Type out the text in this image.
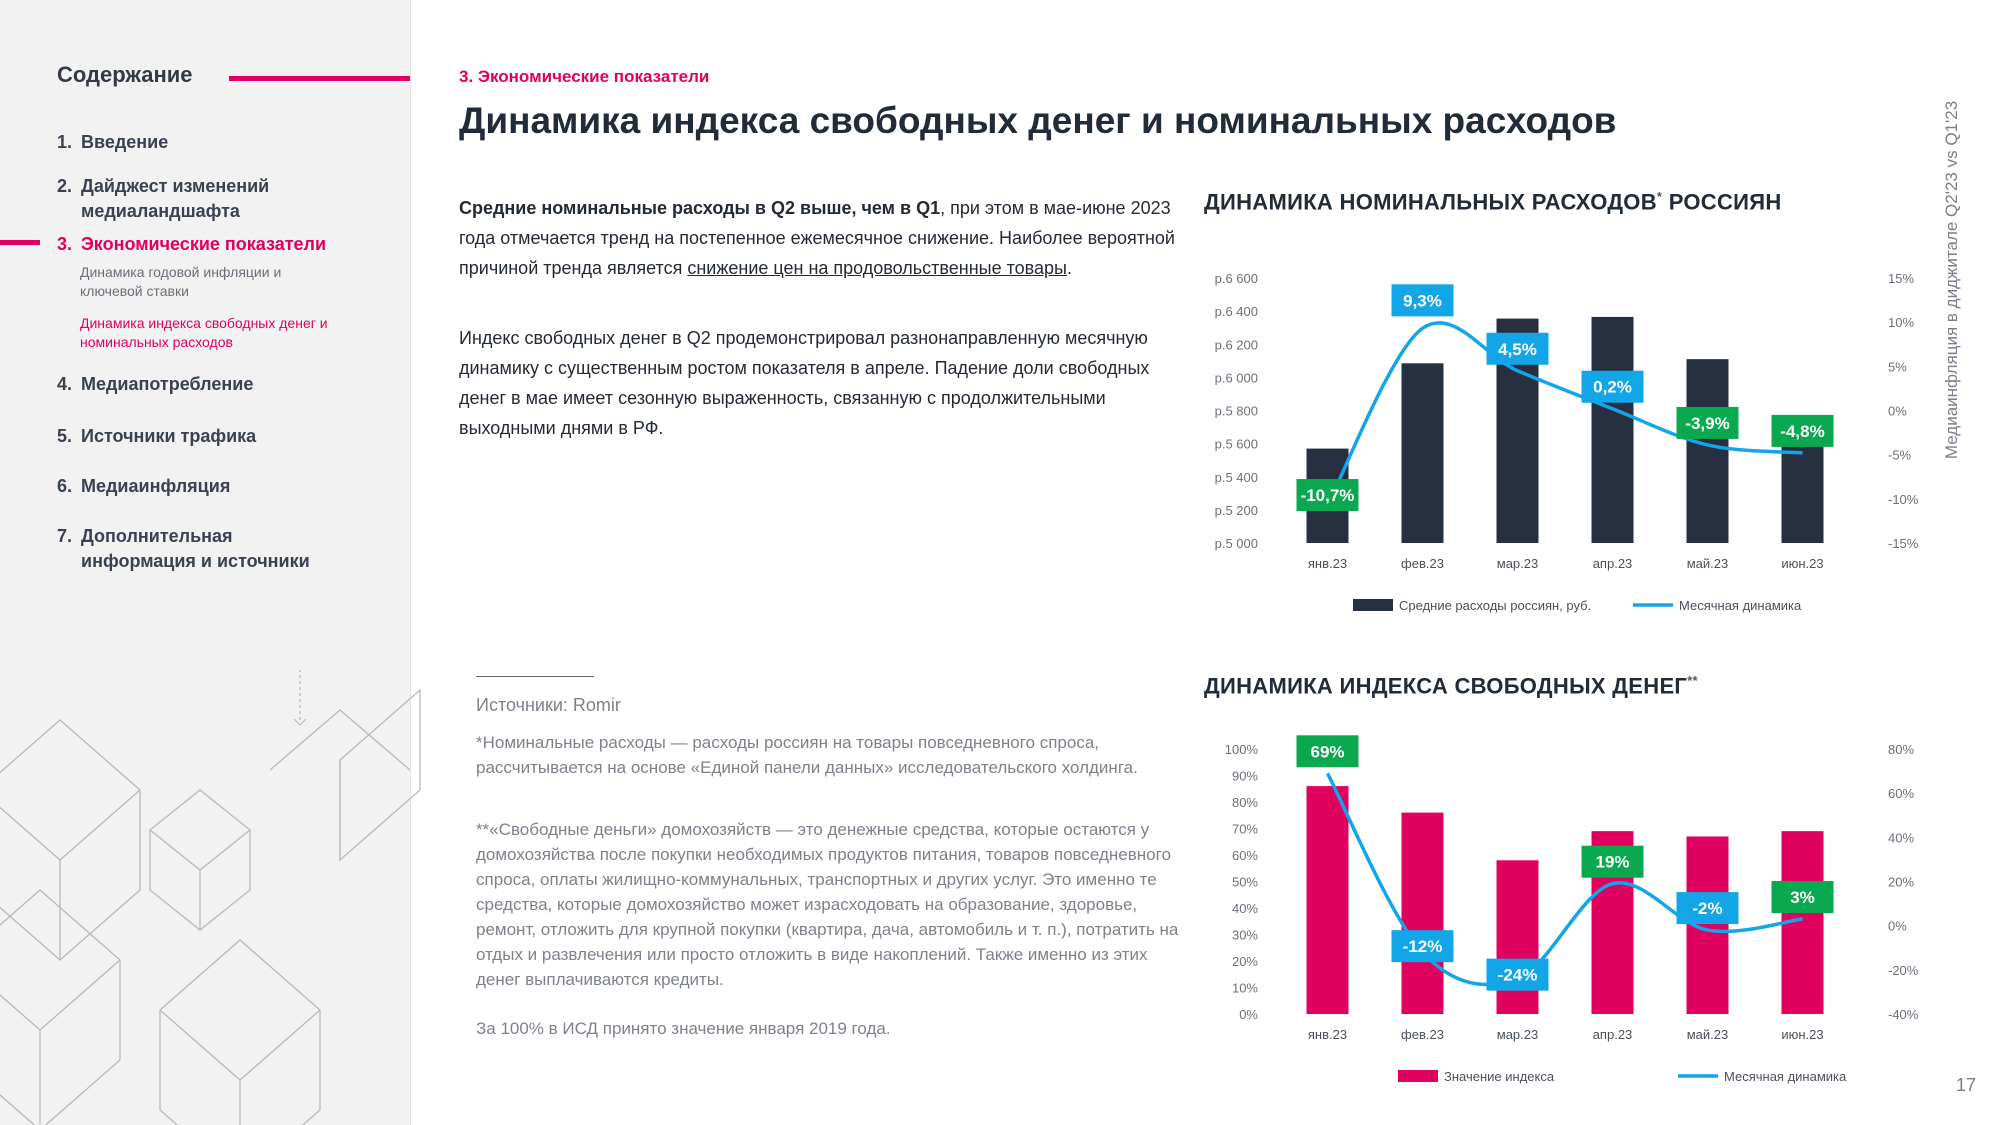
Содержание
1. Введение
2. Дайджест изменений медиаландшафта
3. Экономические показатели
Динамика годовой инфляции и ключевой ставки
Динамика индекса свободных денег и номинальных расходов
4. Медиапотребление
5. Источники трафика
6. Медиаинфляция
7. Дополнительная информация и источники
3. Экономические показатели
Динамика индекса свободных денег и номинальных расходов
Средние номинальные расходы в Q2 выше, чем в Q1, при этом в мае-июне 2023 года отмечается тренд на постепенное ежемесячное снижение. Наиболее вероятной причиной тренда является снижение цен на продовольственные товары.
Индекс свободных денег в Q2 продемонстрировал разнонаправленную месячную динамику с существенным ростом показателя в апреле. Падение доли свободных денег в мае имеет сезонную выраженность, связанную с продолжительными выходными днями в РФ.
Источники: Romir
*Номинальные расходы — расходы россиян на товары повседневного спроса, рассчитывается на основе «Единой панели данных» исследовательского холдинга.
**«Свободные деньги» домохозяйств — это денежные средства, которые остаются у домохозяйства после покупки необходимых продуктов питания, товаров повседневного спроса, оплаты жилищно-коммунальных, транспортных и других услуг. Это именно те средства, которые домохозяйство может израсходовать на образование, здоровье, ремонт, отложить для крупной покупки (квартира, дача, автомобиль и т. п.), потратить на отдых и развлечения или просто отложить в виде накоплений. Также именно из этих денег выплачиваются кредиты.
За 100% в ИСД принято значение января 2019 года.
ДИНАМИКА НОМИНАЛЬНЫХ РАСХОДОВ* РОССИЯН
ДИНАМИКА ИНДЕКСА СВОБОДНЫХ ДЕНЕГ**
р.5 000
р.5 200
р.5 400
р.5 600
р.5 800
р.6 000
р.6 200
р.6 400
р.6 600
-15%
-10%
-5%
0%
5%
10%
15%
янв.23	фев.23	мар.23	апр.23	май.23	июн.23
-10,7%
9,3%
4,5%
0,2%
-3,9%	-4,8%
Средние расходы россиян, руб.	Месячная динамика
0%
10%
20%
30%
40%
50%
60%
70%
80%
90%
100%
-40%
-20%
0%
20%
40%
60%
80%
янв.23	фев.23	мар.23	апр.23	май.23	июн.23
69%
-12%
-24%
19%
-2%
3%
Значение индекса	Месячная динамика
Медиаинфляция в диджитале Q2'23 vs Q1'23
17
